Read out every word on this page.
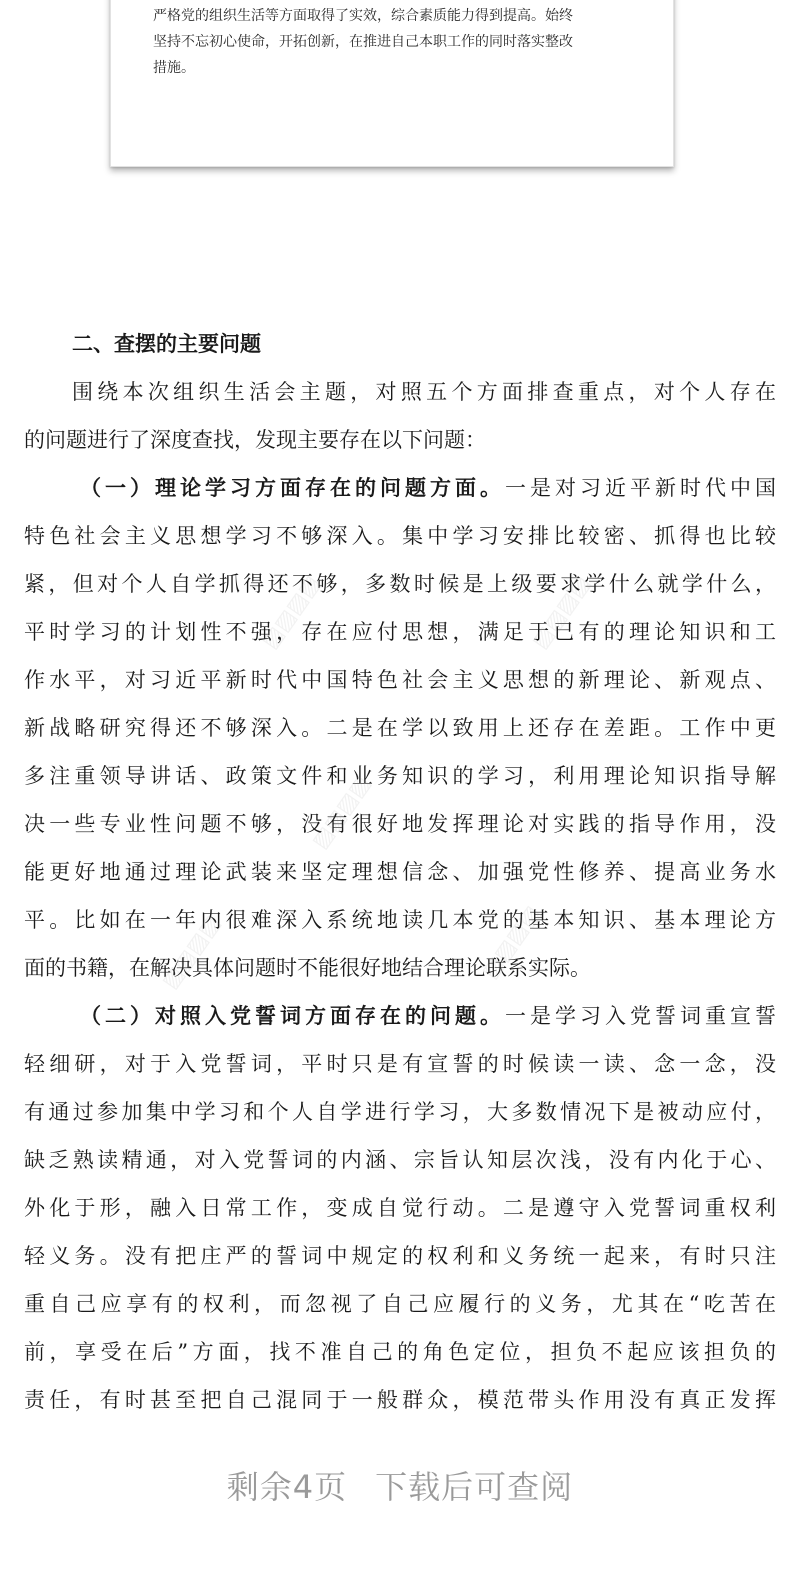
严格党的组织生活等方面取得了实效，综合素质能力得到提高。始终
坚持不忘初心使命，开拓创新，在推进自己本职工作的同时落实整改
措施。

二、查摆的主要问题
围绕本次组织生活会主题，对照五个方面排查重点，对个人存在
的问题进行了深度查找，发现主要存在以下问题：
（一）理论学习方面存在的问题方面。一是对习近平新时代中国
特色社会主义思想学习不够深入。集中学习安排比较密、抓得也比较
紧，但对个人自学抓得还不够，多数时候是上级要求学什么就学什么，
平时学习的计划性不强，存在应付思想，满足于已有的理论知识和工
作水平，对习近平新时代中国特色社会主义思想的新理论、新观点、
新战略研究得还不够深入。二是在学以致用上还存在差距。工作中更
多注重领导讲话、政策文件和业务知识的学习，利用理论知识指导解
决一些专业性问题不够，没有很好地发挥理论对实践的指导作用，没
能更好地通过理论武装来坚定理想信念、加强党性修养、提高业务水
平。比如在一年内很难深入系统地读几本党的基本知识、基本理论方
面的书籍，在解决具体问题时不能很好地结合理论联系实际。
（二）对照入党誓词方面存在的问题。一是学习入党誓词重宣誓
轻细研，对于入党誓词，平时只是有宣誓的时候读一读、念一念，没
有通过参加集中学习和个人自学进行学习，大多数情况下是被动应付，
缺乏熟读精通，对入党誓词的内涵、宗旨认知层次浅，没有内化于心、
外化于形，融入日常工作，变成自觉行动。二是遵守入党誓词重权利
轻义务。没有把庄严的誓词中规定的权利和义务统一起来，有时只注
重自己应享有的权利，而忽视了自己应履行的义务，尤其在“吃苦在
前，享受在后”方面，找不准自己的角色定位，担负不起应该担负的
责任，有时甚至把自己混同于一般群众，模范带头作用没有真正发挥
▨▨▨▨	▨▨▨▨
▨▨▨▨
▨▨▨▨	▨▨▨▨
剩余4页 下载后可查阅
